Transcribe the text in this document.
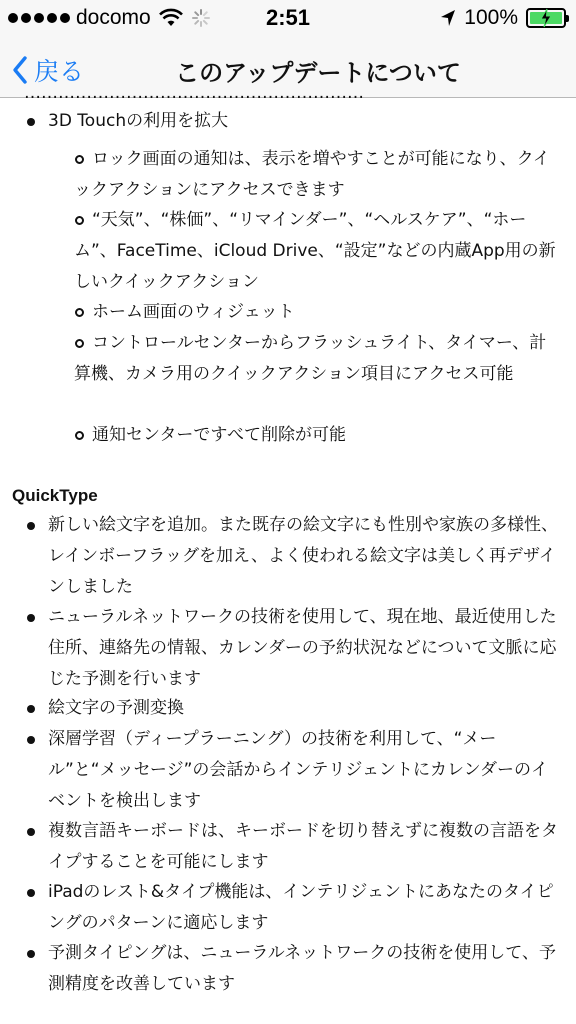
docomo	2:51	100%
戻る	このアップデートについて
……………………………………………………
3D Touchの利用を拡大
ロック画面の通知は、表示を増やすことが可能になり、クイックアクションにアクセスできます
“天気”、“株価”、“リマインダー”、“ヘルスケア”、“ホーム”、FaceTime、iCloud Drive、“設定”などの内蔵App用の新しいクイックアクション
ホーム画面のウィジェット
コントロールセンターからフラッシュライト、タイマー、計算機、カメラ用のクイックアクション項目にアクセス可能
通知センターですべて削除が可能
QuickType
新しい絵文字を追加。また既存の絵文字にも性別や家族の多様性、レインボーフラッグを加え、よく使われる絵文字は美しく再デザインしました
ニューラルネットワークの技術を使用して、現在地、最近使用した住所、連絡先の情報、カレンダーの予約状況などについて文脈に応じた予測を行います
絵文字の予測変換
深層学習（ディープラーニング）の技術を利用して、“メール”と“メッセージ”の会話からインテリジェントにカレンダーのイベントを検出します
複数言語キーボードは、キーボードを切り替えずに複数の言語をタイプすることを可能にします
iPadのレスト&タイプ機能は、インテリジェントにあなたのタイピングのパターンに適応します
予測タイピングは、ニューラルネットワークの技術を使用して、予測精度を改善しています
